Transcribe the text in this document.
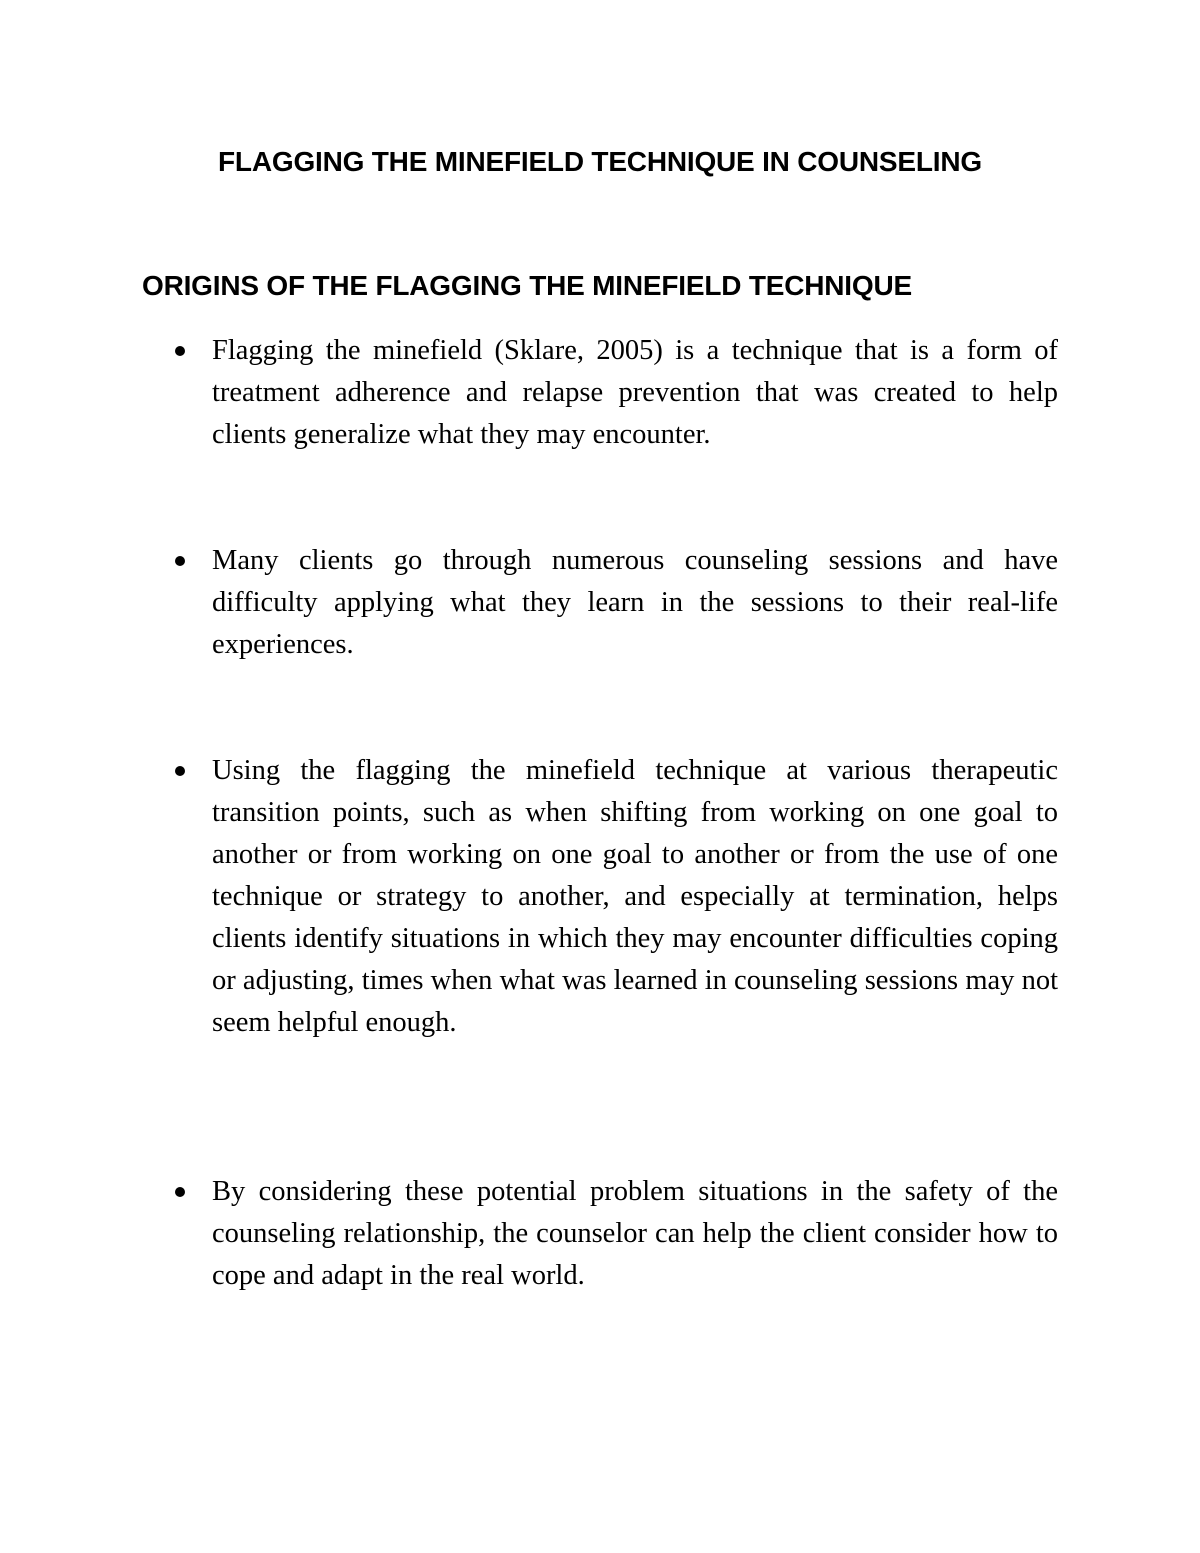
FLAGGING THE MINEFIELD TECHNIQUE IN COUNSELING
ORIGINS OF THE FLAGGING THE MINEFIELD TECHNIQUE
Flagging the minefield (Sklare, 2005) is a technique that is a form of treatment adherence and relapse prevention that was created to help clients generalize what they may encounter.
Many clients go through numerous counseling sessions and have difficulty applying what they learn in the sessions to their real-life experiences.
Using the flagging the minefield technique at various therapeutic transition points, such as when shifting from working on one goal to another or from working on one goal to another or from the use of one technique or strategy to another, and especially at termination, helps clients identify situations in which they may encounter difficulties coping or adjusting, times when what was learned in counseling sessions may not seem helpful enough.
By considering these potential problem situations in the safety of the counseling relationship, the counselor can help the client consider how to cope and adapt in the real world.
